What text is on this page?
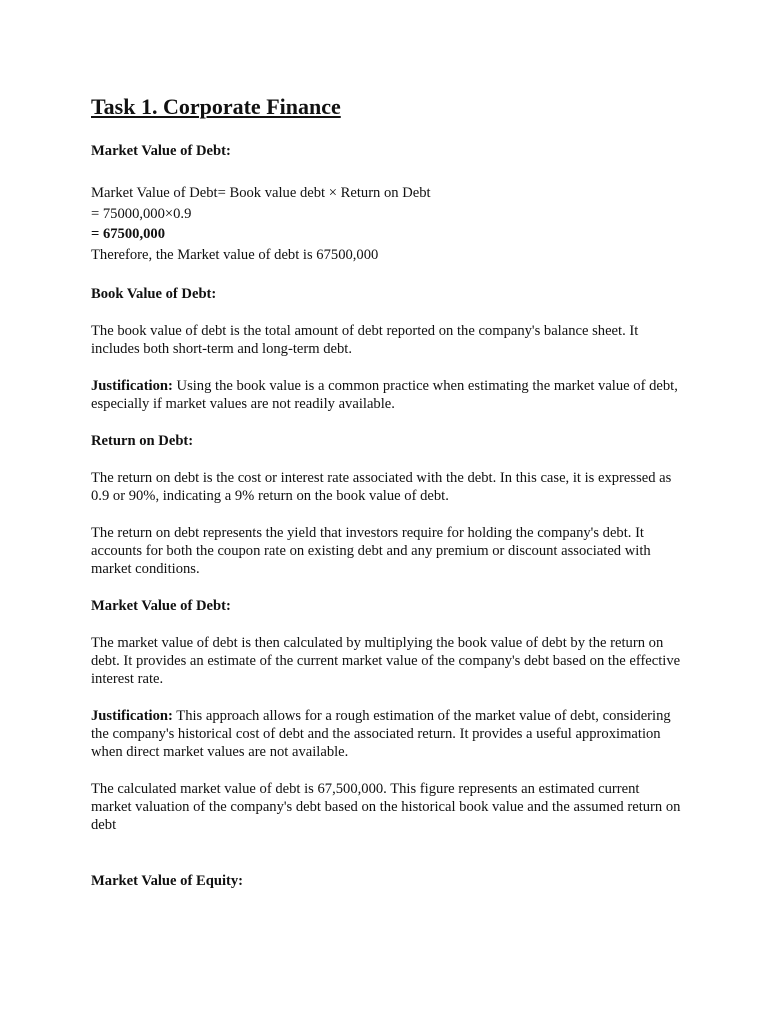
Task 1. Corporate Finance

Market Value of Debt:

Market Value of Debt= Book value debt × Return on Debt
= 75000,000×0.9
= 67500,000
Therefore, the Market value of debt is 67500,000

Book Value of Debt:

The book value of debt is the total amount of debt reported on the company's balance sheet. It includes both short-term and long-term debt.

Justification: Using the book value is a common practice when estimating the market value of debt, especially if market values are not readily available.

Return on Debt:

The return on debt is the cost or interest rate associated with the debt. In this case, it is expressed as 0.9 or 90%, indicating a 9% return on the book value of debt.

The return on debt represents the yield that investors require for holding the company's debt. It accounts for both the coupon rate on existing debt and any premium or discount associated with market conditions.

Market Value of Debt:

The market value of debt is then calculated by multiplying the book value of debt by the return on debt. It provides an estimate of the current market value of the company's debt based on the effective interest rate.

Justification: This approach allows for a rough estimation of the market value of debt, considering the company's historical cost of debt and the associated return. It provides a useful approximation when direct market values are not available.

The calculated market value of debt is 67,500,000. This figure represents an estimated current market valuation of the company's debt based on the historical book value and the assumed return on debt

Market Value of Equity:
